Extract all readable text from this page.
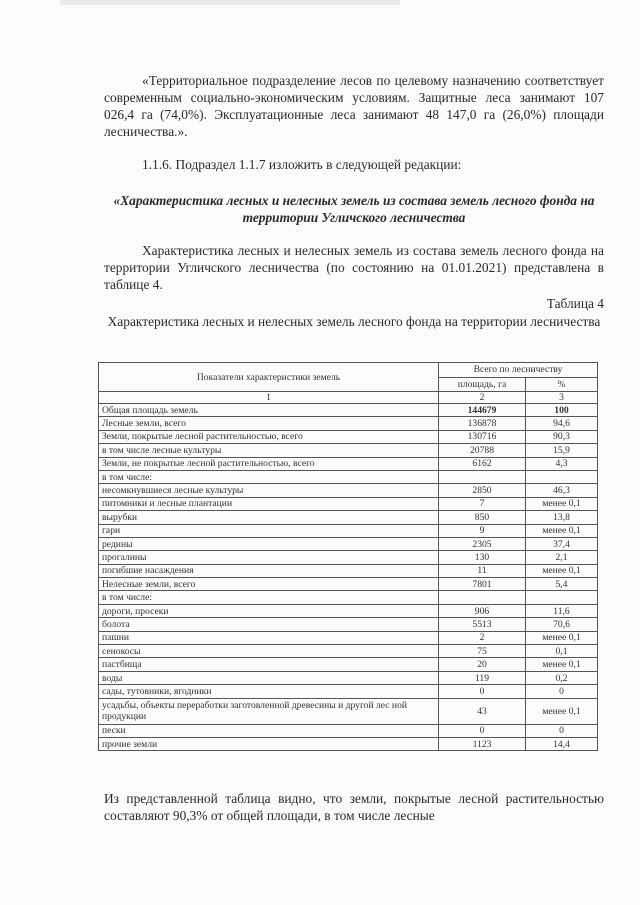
«Территориальное подразделение лесов по целевому назначению соответствует современным социально-экономическим условиям. Защитные леса занимают 107 026,4 га (74,0%). Эксплуатационные леса занимают 48 147,0 га (26,0%) площади лесничества.».
1.1.6. Подраздел 1.1.7 изложить в следующей редакции:
«Характеристика лесных и нелесных земель из состава земель лесного фонда на территории Угличского лесничества
Характеристика лесных и нелесных земель из состава земель лесного фонда на территории Угличского лесничества (по состоянию на 01.01.2021) представлена в таблице 4.
Таблица 4
Характеристика лесных и нелесных земель лесного фонда на территории лесничества
Показатели характеристики земель	Всего по лесничеству	
	площадь, га	%
1	2	3
Общая площадь земель	144679	100
Лесные земли, всего	136878	94,6
Земли, покрытые лесной растительностью, всего	130716	90,3
в том числе лесные культуры	20788	15,9
Земли, не покрытые лесной растительностью, всего	6162	4,3
в том числе:		
несомкнувшиеся лесные культуры	2850	46,3
питомники и лесные плантации	7	менее 0,1
вырубки	850	13,8
гари	9	менее 0,1
редины	2305	37,4
прогалины	130	2,1
погибшие насаждения	11	менее 0,1
Нелесные земли, всего	7801	5,4
в том числе:		
дороги, просеки	906	11,6
болота	5513	70,6
пашни	2	менее 0,1
сенокосы	75	0,1
пастбища	20	менее 0,1
воды	119	0,2
сады, тутовники, ягодники	0	0
усадьбы, объекты переработки заготовленной древесины и другой лес ной продукции	43	менее 0,1
пески	0	0
прочие земли	1123	14,4
Из представленной таблица видно, что земли, покрытые лесной растительностью составляют 90,3% от общей площади, в том числе лесные
